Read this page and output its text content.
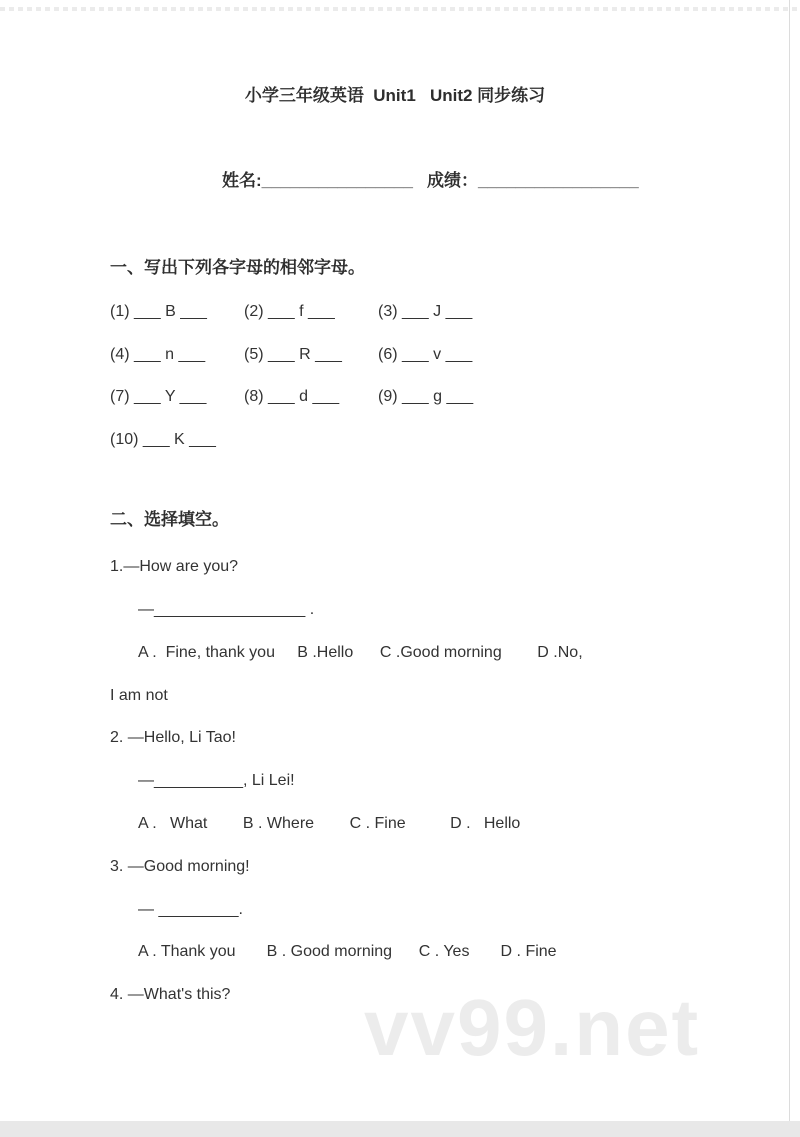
vv99.net
小学三年级英语  Unit1   Unit2 同步练习
姓名:________________ 成绩：_________________
一、写出下列各字母的相邻字母。
(1) ___ B ___ (2) ___ f ___	(3) ___ J ___
(4) ___ n ___ (5) ___ R ___ (6) ___ v ___
(7) ___ Y ___ (8) ___ d ___ (9) ___ g ___
(10) ___ K ___
二、选择填空。
1.—How are you?
—_________________ .
A .  Fine, thank you     B .Hello      C .Good morning        D .No,
I am not
2. —Hello, Li Tao!
—__________, Li Lei!
A .   What        B . Where        C . Fine          D .   Hello
3. —Good morning!
— _________.
A . Thank you       B . Good morning      C . Yes       D . Fine
4. —What's this?
